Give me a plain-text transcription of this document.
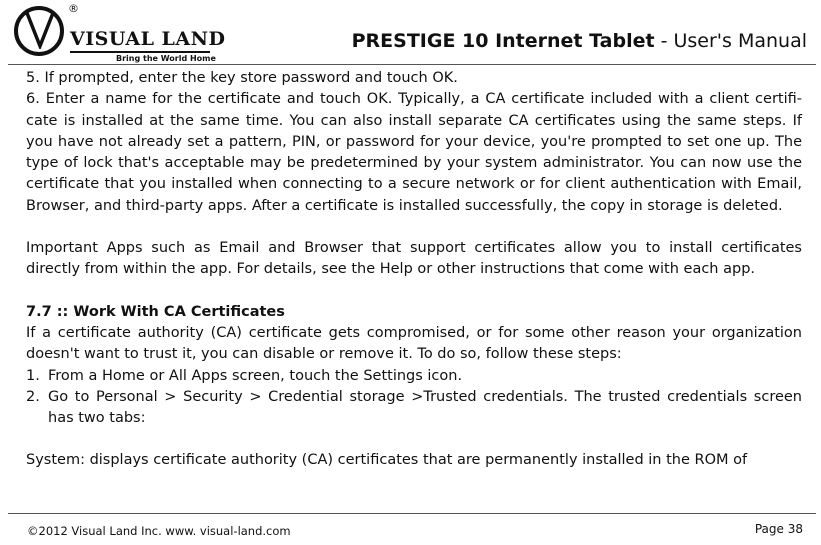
®
VISUAL LAND
Bring the World Home
PRESTIGE 10 Internet Tablet - User's Manual

5. If prompted, enter the key store password and touch OK.

6. Enter a name for the certificate and touch OK. Typically, a CA certificate included with a client certifi-cate is installed at the same time. You can also install separate CA certificates using the same steps. If you have not already set a pattern, PIN, or password for your device, you're prompted to set one up. The type of lock that's acceptable may be predetermined by your system administrator. You can now use the certificate that you installed when connecting to a secure network or for client authentication with Email, Browser, and third-party apps. After a certificate is installed successfully, the copy in storage is deleted.

Important Apps such as Email and Browser that support certificates allow you to install certificates directly from within the app. For details, see the Help or other instructions that come with each app.

7.7 :: Work With CA Certificates

If a certificate authority (CA) certificate gets compromised, or for some other reason your organization doesn't want to trust it, you can disable or remove it. To do so, follow these steps:

1. From a Home or All Apps screen, touch the Settings icon.
2. Go to Personal > Security > Credential storage >Trusted credentials. The trusted credentials screen has two tabs:

System: displays certificate authority (CA) certificates that are permanently installed in the ROM of

©2012 Visual Land Inc. www. visual-land.com	Page 38
